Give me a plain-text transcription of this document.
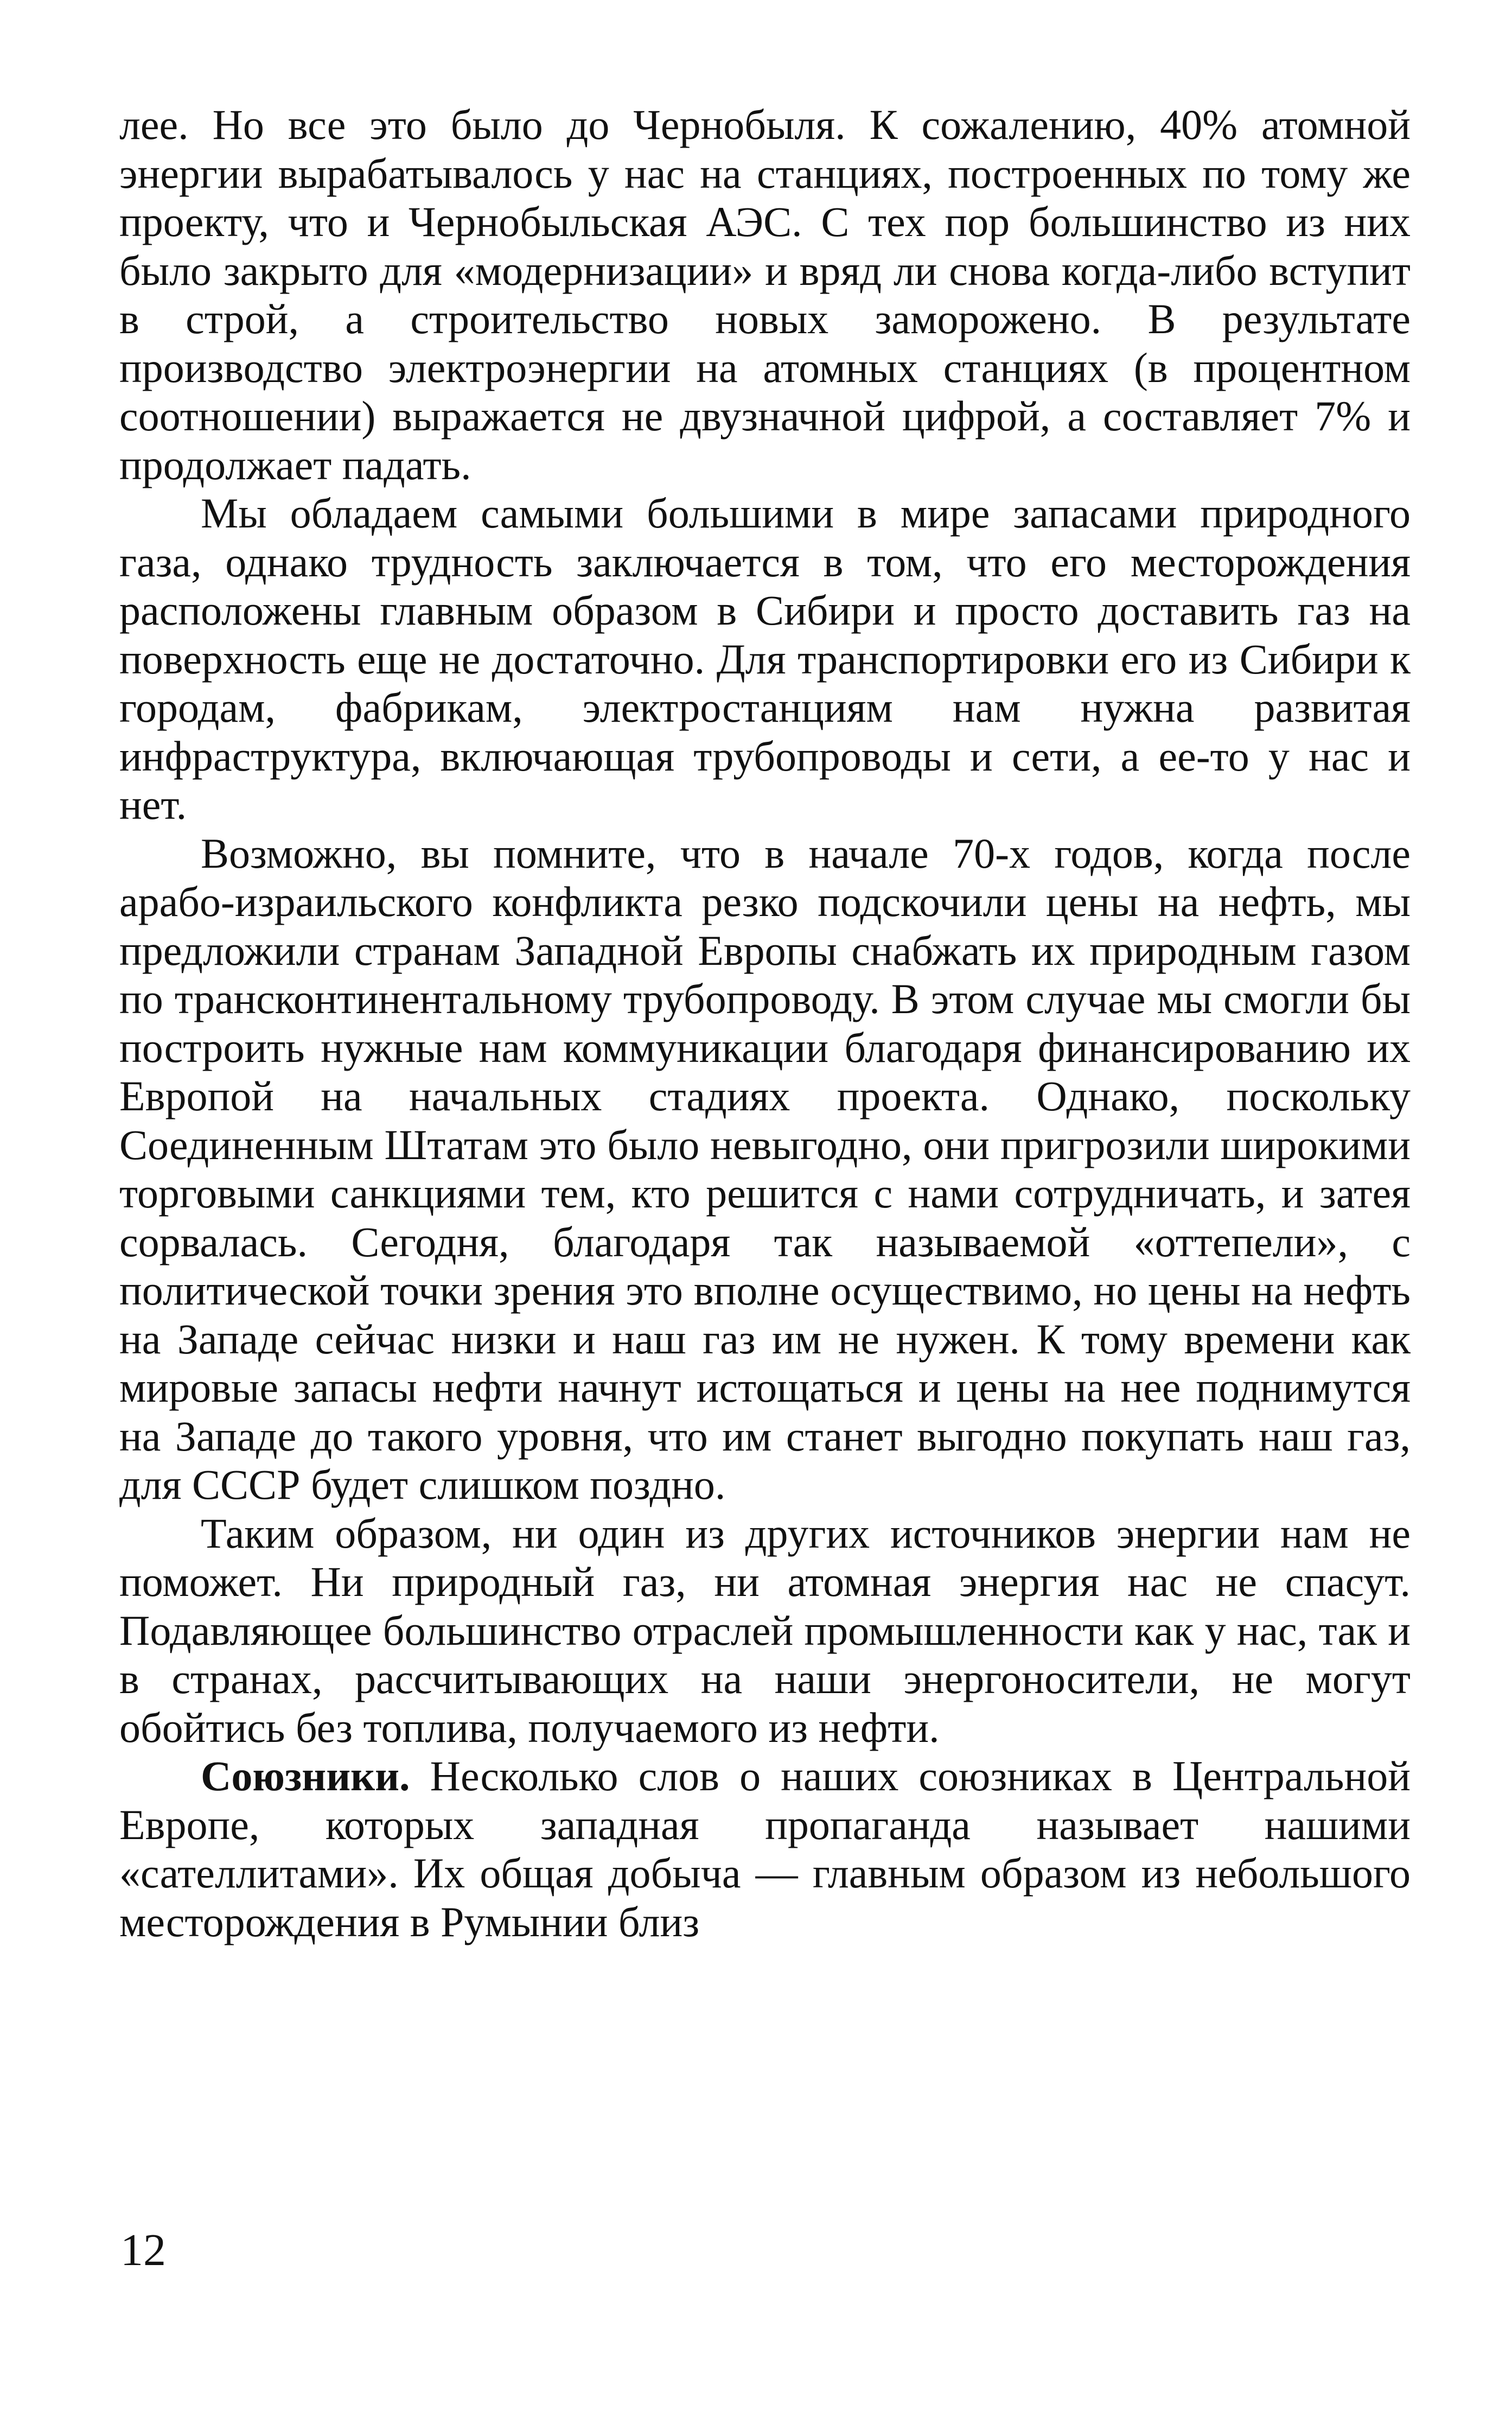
лее. Но все это было до Чернобыля. К сожалению, 40% атомной энергии вырабатывалось у нас на станциях, построенных по тому же проекту, что и Чернобыльская АЭС. С тех пор большинство из них было закрыто для «модернизации» и вряд ли снова когда-либо вступит в строй, а строительство новых заморожено. В результате производство электроэнергии на атомных станциях (в процентном соотношении) выражается не двузначной цифрой, а составляет 7% и продолжает падать.

Мы обладаем самыми большими в мире запасами природного газа, однако трудность заключается в том, что его месторождения расположены главным образом в Сибири и просто доставить газ на поверхность еще не достаточно. Для транспортировки его из Сибири к городам, фабрикам, электростанциям нам нужна развитая инфраструктура, включающая трубопроводы и сети, а ее-то у нас и нет.

Возможно, вы помните, что в начале 70-х годов, когда после арабо-израильского конфликта резко подскочили цены на нефть, мы предложили странам Западной Европы снабжать их природным газом по трансконтинентальному трубопроводу. В этом случае мы смогли бы построить нужные нам коммуникации благодаря финансированию их Европой на начальных стадиях проекта. Однако, поскольку Соединенным Штатам это было невыгодно, они пригрозили широкими торговыми санкциями тем, кто решится с нами сотрудничать, и затея сорвалась. Сегодня, благодаря так называемой «оттепели», с политической точки зрения это вполне осуществимо, но цены на нефть на Западе сейчас низки и наш газ им не нужен. К тому времени как мировые запасы нефти начнут истощаться и цены на нее поднимутся на Западе до такого уровня, что им станет выгодно покупать наш газ, для СССР будет слишком поздно.

Таким образом, ни один из других источников энергии нам не поможет. Ни природный газ, ни атомная энергия нас не спасут. Подавляющее большинство отраслей промышленности как у нас, так и в странах, рассчитывающих на наши энергоносители, не могут обойтись без топлива, получаемого из нефти.

Союзники. Несколько слов о наших союзниках в Центральной Европе, которых западная пропаганда называет нашими «сателлитами». Их общая добыча — главным образом из небольшого месторождения в Румынии близ

12
